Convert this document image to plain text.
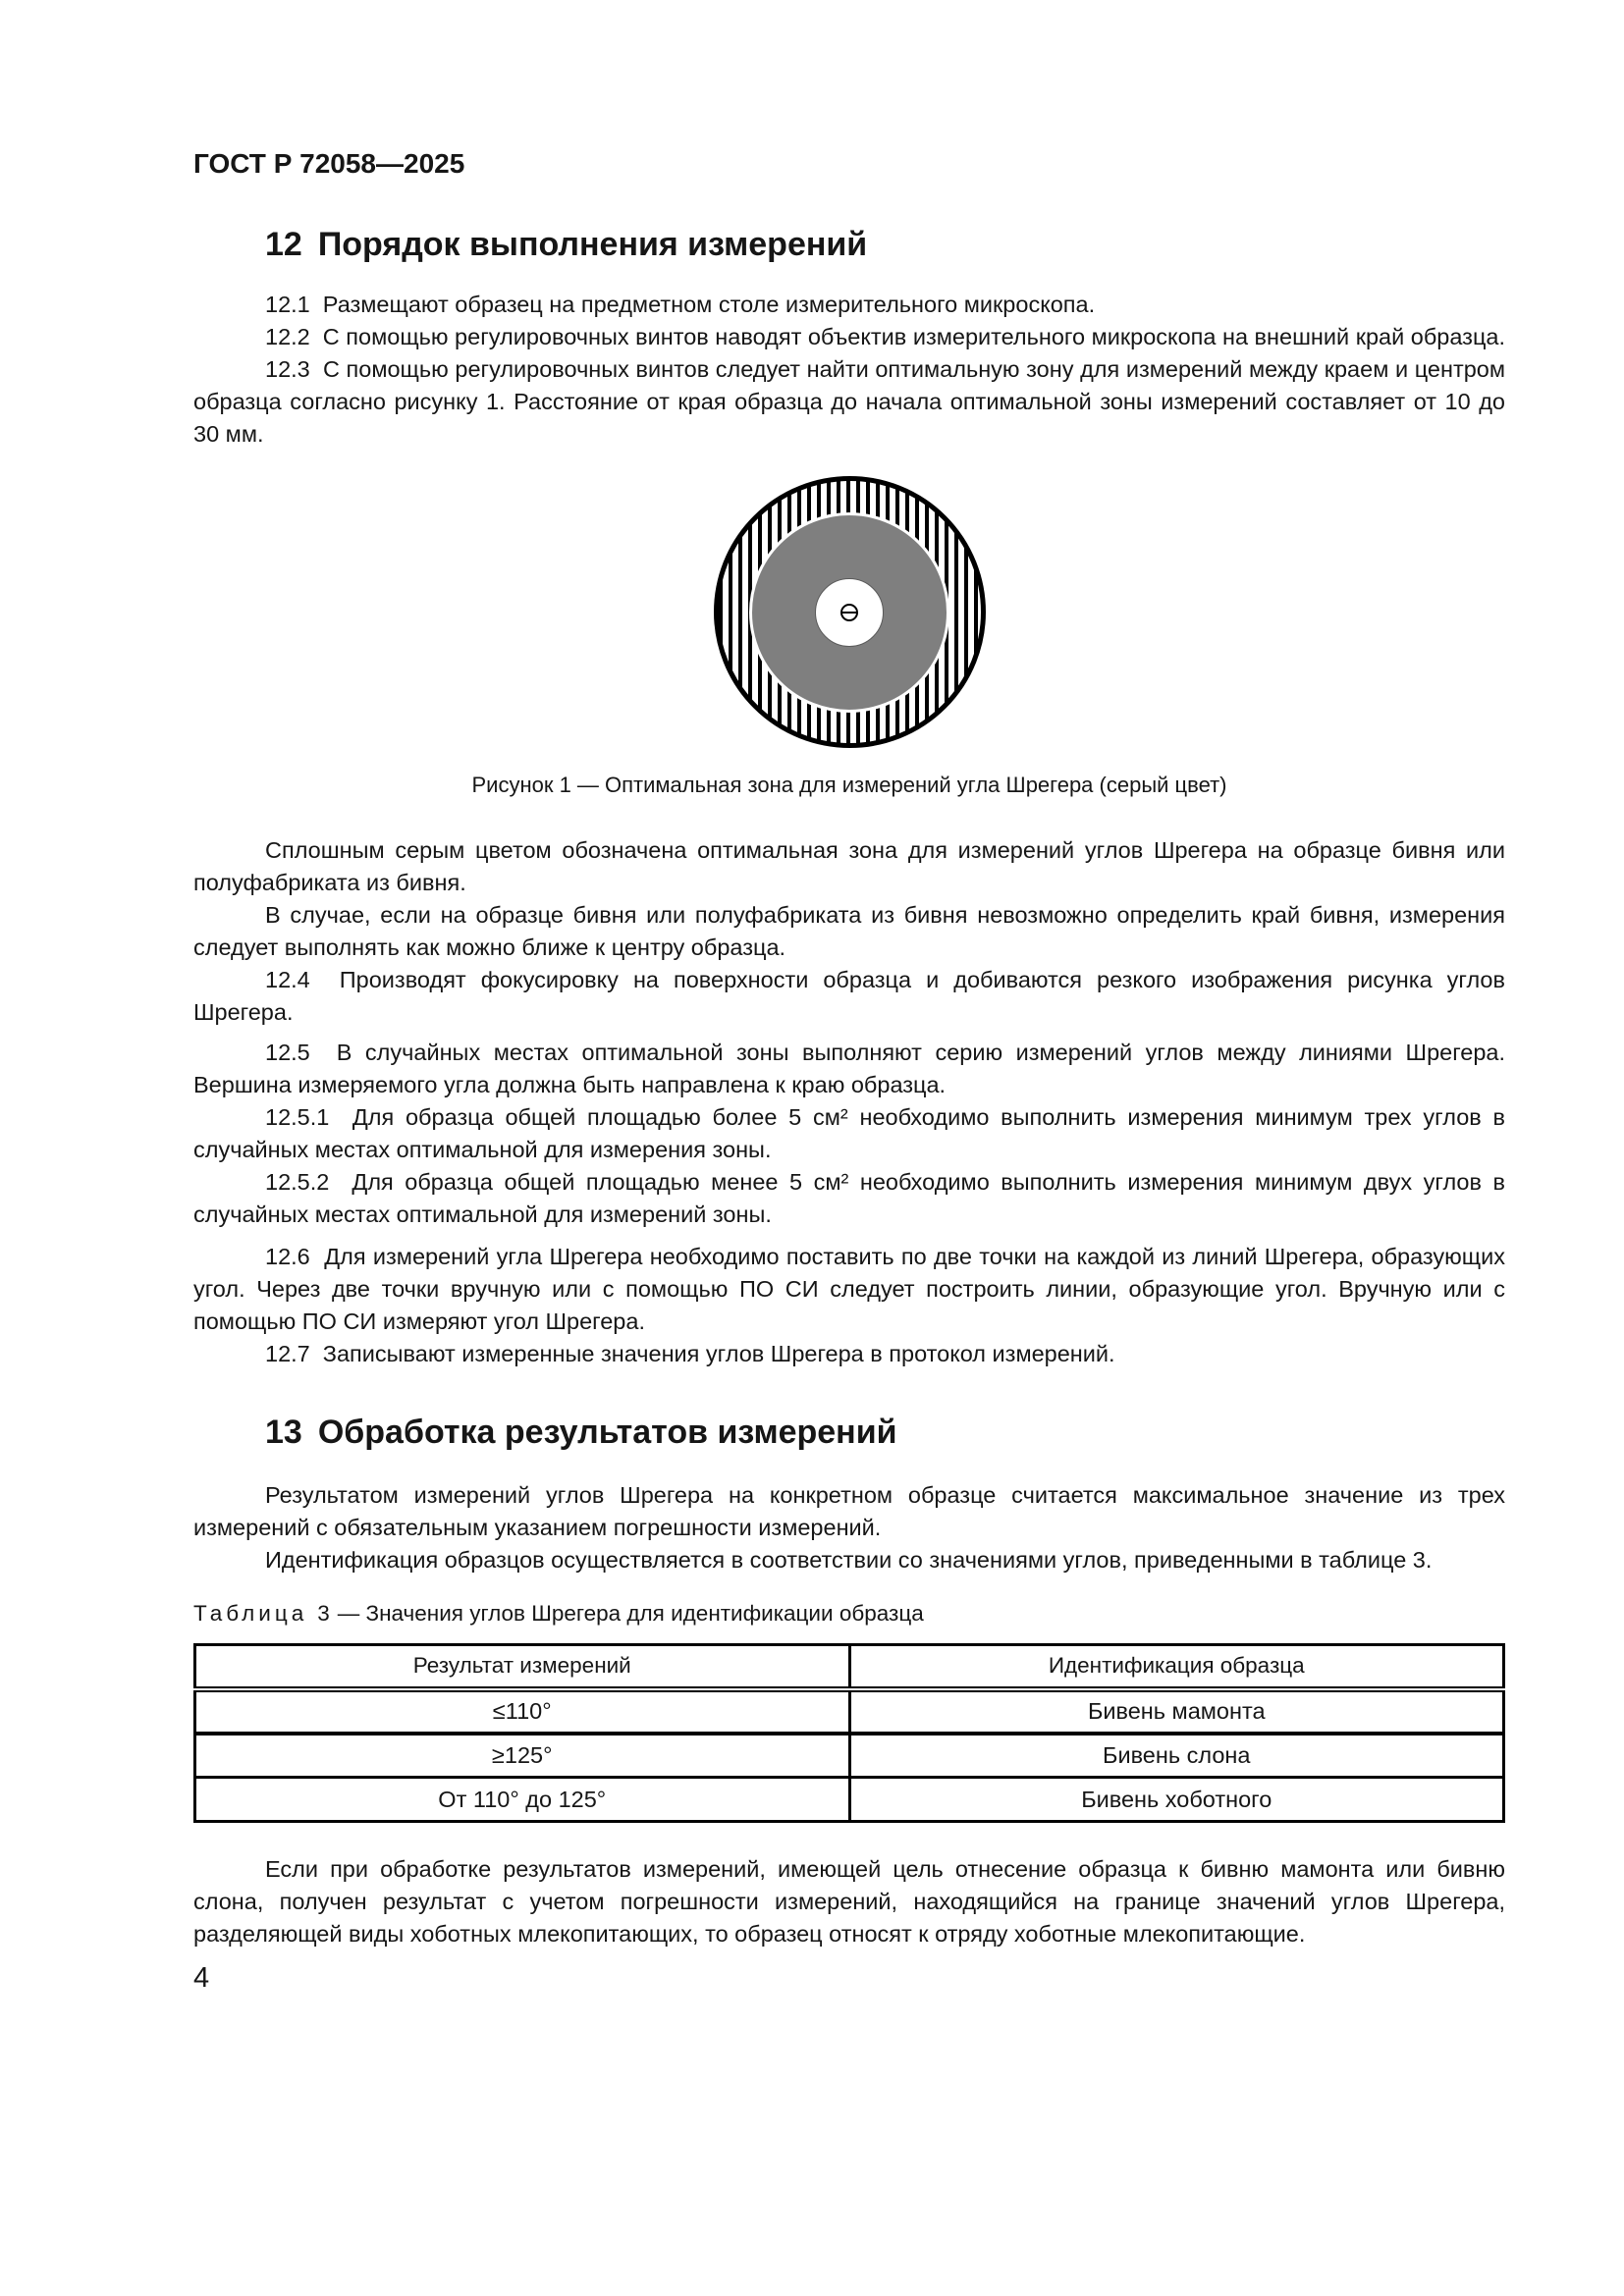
ГОСТ Р 72058—2025
12 Порядок выполнения измерений

12.1  Размещают образец на предметном столе измерительного микроскопа.

12.2  С помощью регулировочных винтов наводят объектив измерительного микроскопа на внешний край образца.

12.3  С помощью регулировочных винтов следует найти оптимальную зону для измерений между краем и центром образца согласно рисунку 1. Расстояние от края образца до начала оптимальной зоны измерений составляет от 10 до 30 мм.

Рисунок 1 — Оптимальная зона для измерений угла Шрегера (серый цвет)

Сплошным серым цветом обозначена оптимальная зона для измерений углов Шрегера на образце бивня или полуфабриката из бивня.

В случае, если на образце бивня или полуфабриката из бивня невозможно определить край бивня, измерения следует выполнять как можно ближе к центру образца.

12.4  Производят фокусировку на поверхности образца и добиваются резкого изображения рисунка углов Шрегера.

12.5  В случайных местах оптимальной зоны выполняют серию измерений углов между линиями Шрегера. Вершина измеряемого угла должна быть направлена к краю образца.

12.5.1  Для образца общей площадью более 5 см² необходимо выполнить измерения минимум трех углов в случайных местах оптимальной для измерения зоны.

12.5.2  Для образца общей площадью менее 5 см² необходимо выполнить измерения минимум двух углов в случайных местах оптимальной для измерений зоны.

12.6  Для измерений угла Шрегера необходимо поставить по две точки на каждой из линий Шрегера, образующих угол. Через две точки вручную или с помощью ПО СИ следует построить линии, образующие угол. Вручную или с помощью ПО СИ измеряют угол Шрегера.

12.7  Записывают измеренные значения углов Шрегера в протокол измерений.

13 Обработка результатов измерений

Результатом измерений углов Шрегера на конкретном образце считается максимальное значение из трех измерений с обязательным указанием погрешности измерений.

Идентификация образцов осуществляется в соответствии со значениями углов, приведенными в таблице 3.

Таблица 3 — Значения углов Шрегера для идентификации образца
Результат измерений	Идентификация образца
≤110°	Бивень мамонта
≥125°	Бивень слона
От 110° до 125°	Бивень хоботного

Если при обработке результатов измерений, имеющей цель отнесение образца к бивню мамонта или бивню слона, получен результат с учетом погрешности измерений, находящийся на границе значений углов Шрегера, разделяющей виды хоботных млекопитающих, то образец относят к отряду хоботные млекопитающие.

4
